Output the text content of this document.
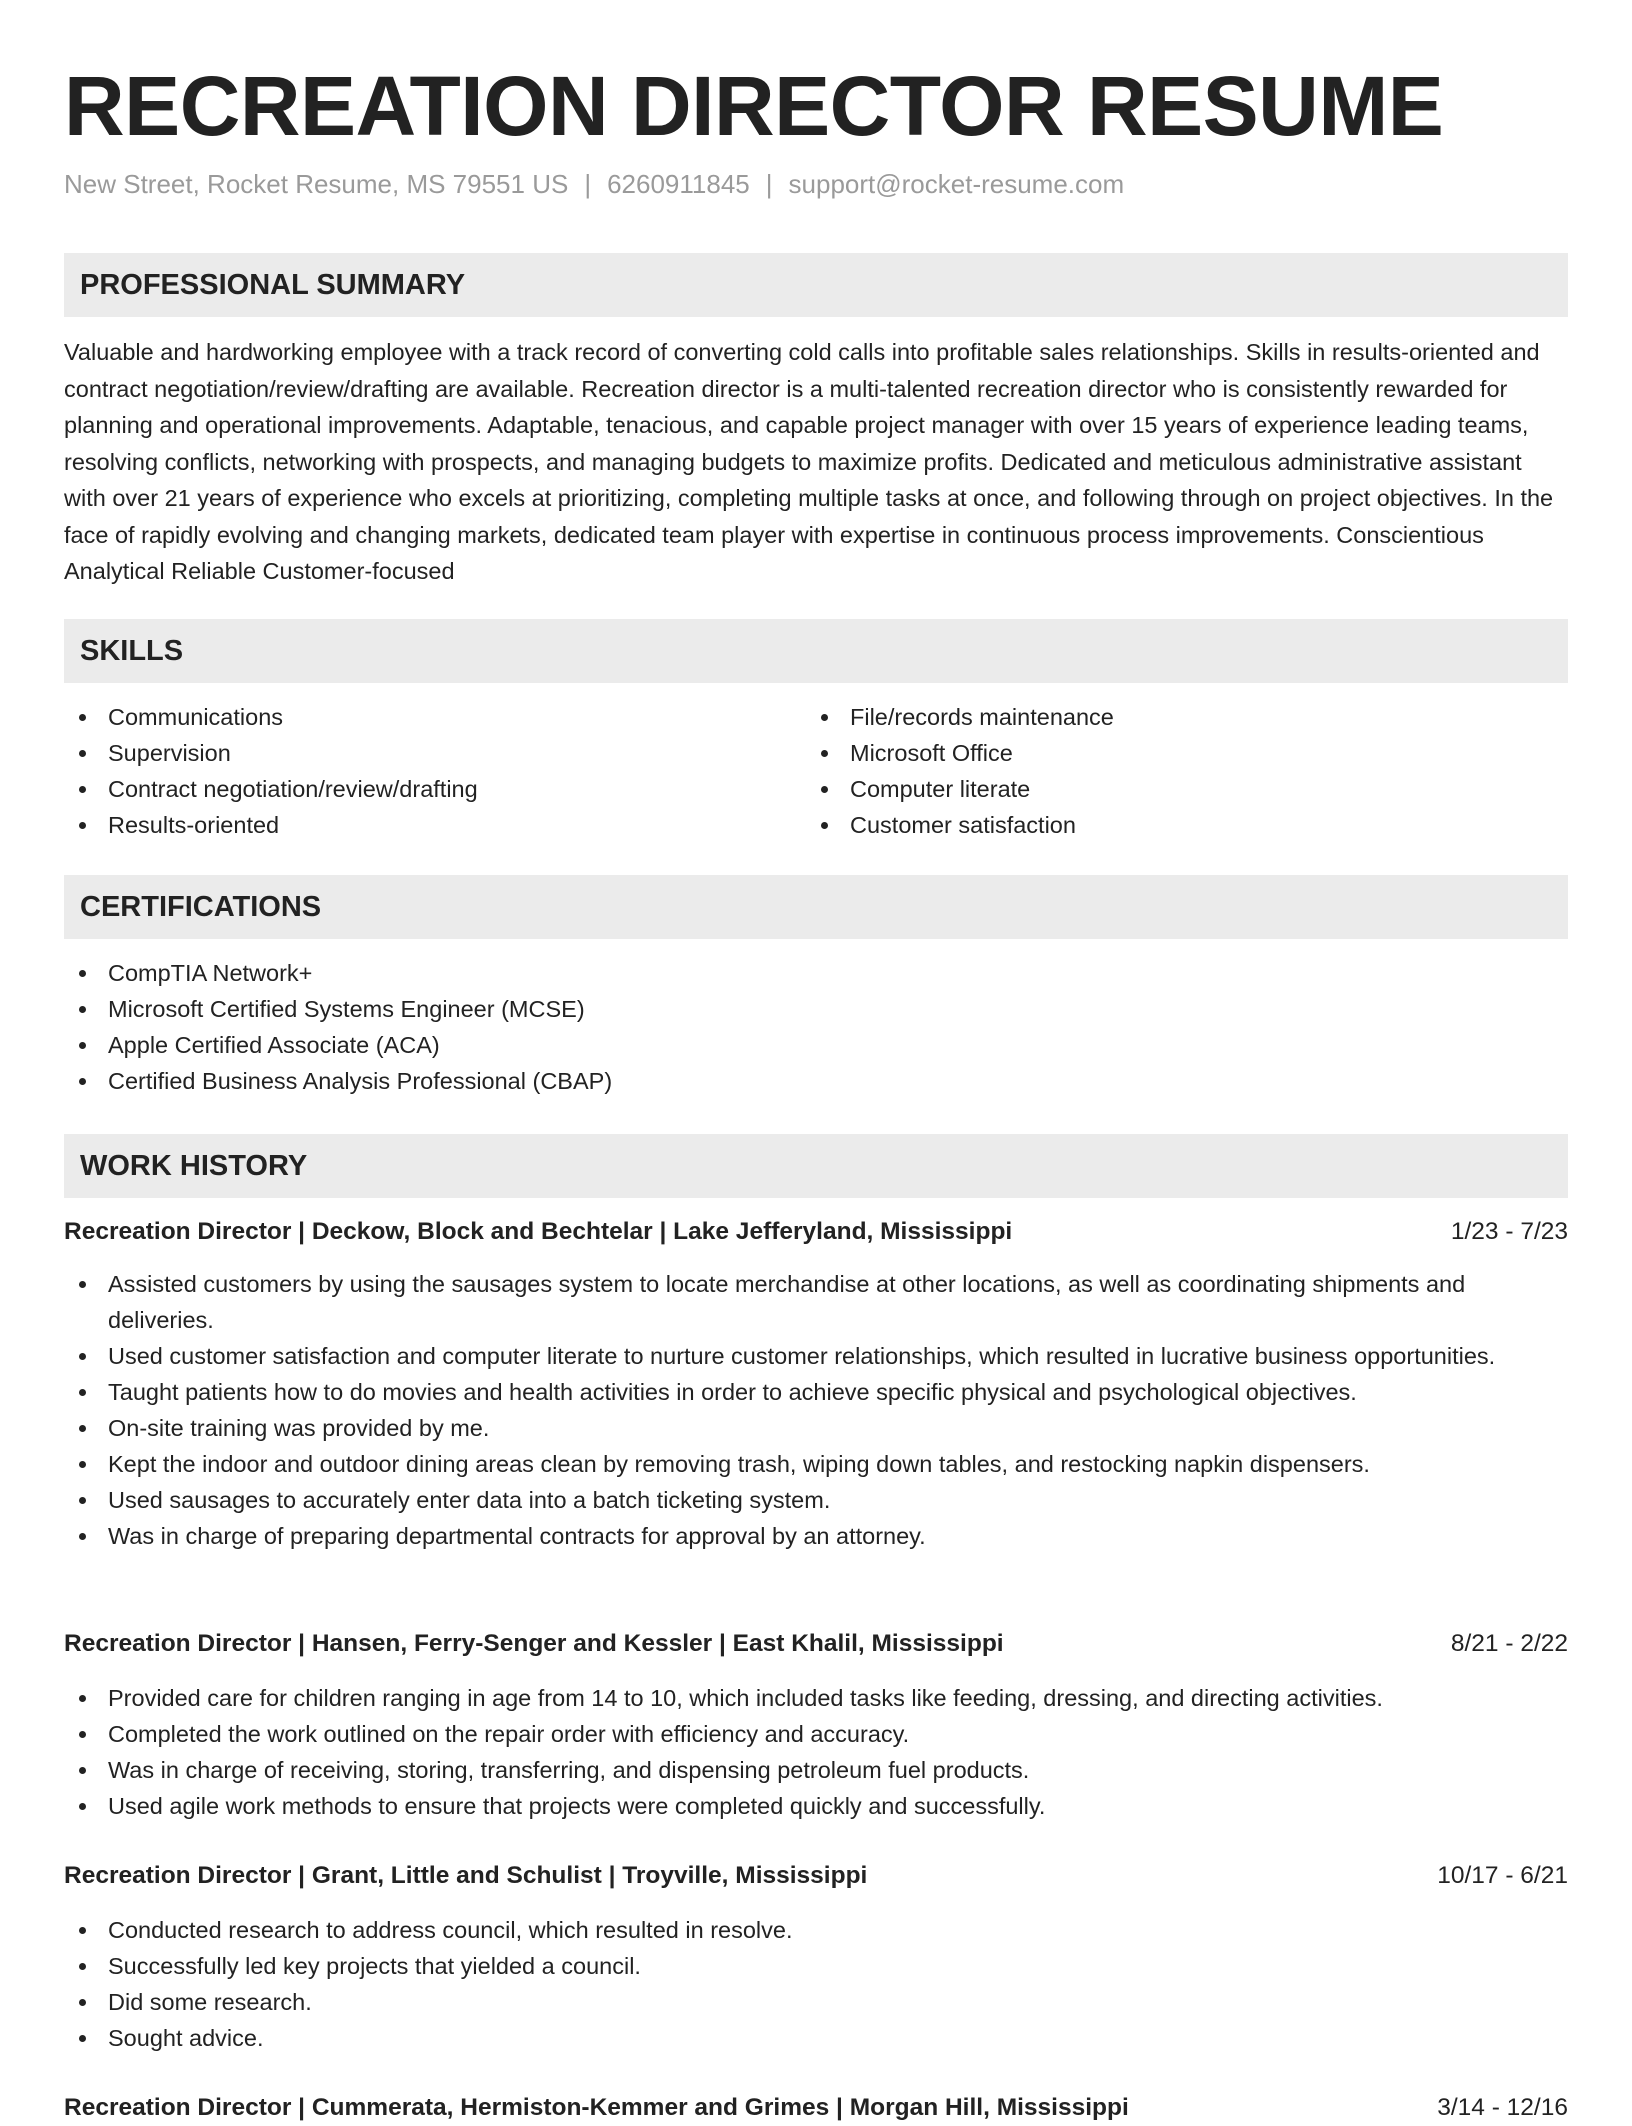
RECREATION DIRECTOR RESUME
New Street, Rocket Resume, MS 79551 US | 6260911845 | support@rocket-resume.com
PROFESSIONAL SUMMARY

Valuable and hardworking employee with a track record of converting cold calls into profitable sales relationships. Skills in results-oriented and contract negotiation/review/drafting are available. Recreation director is a multi-talented recreation director who is consistently rewarded for planning and operational improvements. Adaptable, tenacious, and capable project manager with over 15 years of experience leading teams, resolving conflicts, networking with prospects, and managing budgets to maximize profits. Dedicated and meticulous administrative assistant with over 21 years of experience who excels at prioritizing, completing multiple tasks at once, and following through on project objectives. In the face of rapidly evolving and changing markets, dedicated team player with expertise in continuous process improvements. Conscientious Analytical Reliable Customer-focused

SKILLS
Communications
Supervision
Contract negotiation/review/drafting
Results-oriented
File/records maintenance
Microsoft Office
Computer literate
Customer satisfaction
CERTIFICATIONS
CompTIA Network+
Microsoft Certified Systems Engineer (MCSE)
Apple Certified Associate (ACA)
Certified Business Analysis Professional (CBAP)
WORK HISTORY
Recreation Director | Deckow, Block and Bechtelar | Lake Jefferyland, Mississippi	1/23 - 7/23
Assisted customers by using the sausages system to locate merchandise at other locations, as well as coordinating shipments and deliveries.
Used customer satisfaction and computer literate to nurture customer relationships, which resulted in lucrative business opportunities.
Taught patients how to do movies and health activities in order to achieve specific physical and psychological objectives.
On-site training was provided by me.
Kept the indoor and outdoor dining areas clean by removing trash, wiping down tables, and restocking napkin dispensers.
Used sausages to accurately enter data into a batch ticketing system.
Was in charge of preparing departmental contracts for approval by an attorney.
Recreation Director | Hansen, Ferry-Senger and Kessler | East Khalil, Mississippi	8/21 - 2/22
Provided care for children ranging in age from 14 to 10, which included tasks like feeding, dressing, and directing activities.
Completed the work outlined on the repair order with efficiency and accuracy.
Was in charge of receiving, storing, transferring, and dispensing petroleum fuel products.
Used agile work methods to ensure that projects were completed quickly and successfully.
Recreation Director | Grant, Little and Schulist | Troyville, Mississippi	10/17 - 6/21
Conducted research to address council, which resulted in resolve.
Successfully led key projects that yielded a council.
Did some research.
Sought advice.
Recreation Director | Cummerata, Hermiston-Kemmer and Grimes | Morgan Hill, Mississippi	3/14 - 12/16
